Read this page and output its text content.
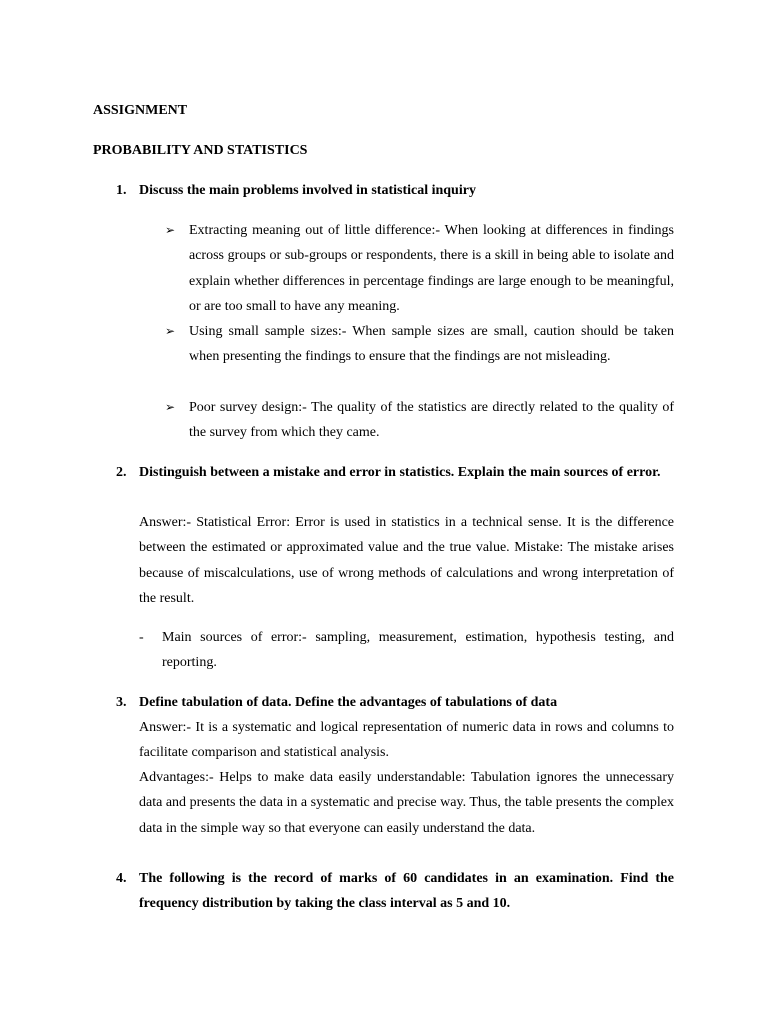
ASSIGNMENT
PROBABILITY AND STATISTICS
1. Discuss the main problems involved in statistical inquiry
➢ Extracting meaning out of little difference:- When looking at differences in findings across groups or sub-groups or respondents, there is a skill in being able to isolate and explain whether differences in percentage findings are large enough to be meaningful, or are too small to have any meaning.
➢ Using small sample sizes:- When sample sizes are small, caution should be taken when presenting the findings to ensure that the findings are not misleading.
➢ Poor survey design:- The quality of the statistics are directly related to the quality of the survey from which they came.
2. Distinguish between a mistake and error in statistics. Explain the main sources of error.
Answer:- Statistical Error: Error is used in statistics in a technical sense. It is the difference between the estimated or approximated value and the true value. Mistake: The mistake arises because of miscalculations, use of wrong methods of calculations and wrong interpretation of the result.
- Main sources of error:- sampling, measurement, estimation, hypothesis testing, and reporting.
3. Define tabulation of data. Define the advantages of tabulations of data
Answer:- It is a systematic and logical representation of numeric data in rows and columns to facilitate comparison and statistical analysis.
Advantages:- Helps to make data easily understandable: Tabulation ignores the unnecessary data and presents the data in a systematic and precise way. Thus, the table presents the complex data in the simple way so that everyone can easily understand the data.
4. The following is the record of marks of 60 candidates in an examination. Find the frequency distribution by taking the class interval as 5 and 10.
